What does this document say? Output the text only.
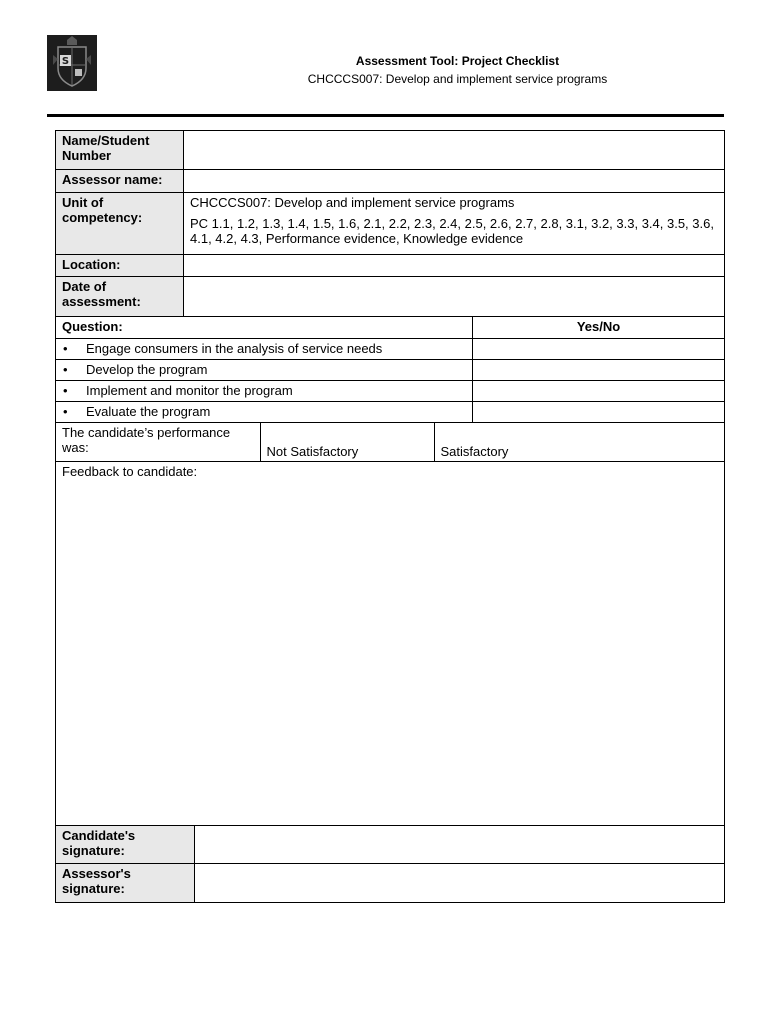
S	Assessment Tool: Project Checklist
CHCCCS007: Develop and implement service programs
Name/Student Number	
Assessor name:	
Unit of competency:	
CHCCCS007: Develop and implement service programs
PC 1.1, 1.2, 1.3, 1.4, 1.5, 1.6, 2.1, 2.2, 2.3, 2.4, 2.5, 2.6, 2.7, 2.8, 3.1, 3.2, 3.3, 3.4, 3.5, 3.6, 4.1, 4.2, 4.3, Performance evidence, Knowledge evidence

Location:	
Date of assessment:	
Question:	Yes/No
• Engage consumers in the analysis of service needs	
• Develop the program	
• Implement and monitor the program	
• Evaluate the program	

The candidate’s performance was:	Not Satisfactory	Satisfactory

Feedback to candidate:
Candidate's signature:	
Assessor's signature:	
